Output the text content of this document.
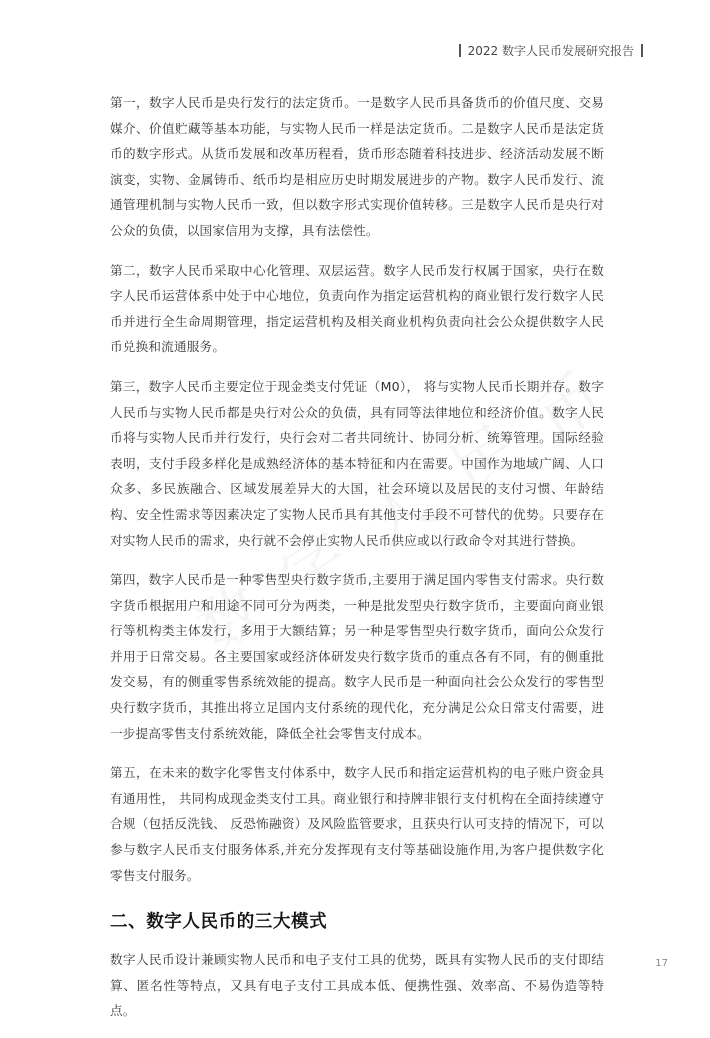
2022 数字人民币发展研究报告

第一，数字人民币是央行发行的法定货币。一是数字人民币具备货币的价值尺度、交易媒介、价值贮藏等基本功能，与实物人民币一样是法定货币。二是数字人民币是法定货币的数字形式。从货币发展和改革历程看，货币形态随着科技进步、经济活动发展不断演变，实物、金属铸币、纸币均是相应历史时期发展进步的产物。数字人民币发行、流通管理机制与实物人民币一致，但以数字形式实现价值转移。三是数字人民币是央行对公众的负债，以国家信用为支撑，具有法偿性。

第二，数字人民币采取中心化管理、双层运营。数字人民币发行权属于国家，央行在数字人民币运营体系中处于中心地位，负责向作为指定运营机构的商业银行发行数字人民币并进行全生命周期管理，指定运营机构及相关商业机构负责向社会公众提供数字人民币兑换和流通服务。

第三，数字人民币主要定位于现金类支付凭证（M0）， 将与实物人民币长期并存。数字人民币与实物人民币都是央行对公众的负债，具有同等法律地位和经济价值。数字人民币将与实物人民币并行发行，央行会对二者共同统计、协同分析、统筹管理。国际经验表明，支付手段多样化是成熟经济体的基本特征和内在需要。中国作为地域广阔、人口众多、多民族融合、区域发展差异大的大国，社会环境以及居民的支付习惯、年龄结构、安全性需求等因素决定了实物人民币具有其他支付手段不可替代的优势。只要存在对实物人民币的需求，央行就不会停止实物人民币供应或以行政命令对其进行替换。

第四，数字人民币是一种零售型央行数字货币,主要用于满足国内零售支付需求。央行数字货币根据用户和用途不同可分为两类，一种是批发型央行数字货币，主要面向商业银行等机构类主体发行，多用于大额结算；另一种是零售型央行数字货币，面向公众发行并用于日常交易。各主要国家或经济体研发央行数字货币的重点各有不同，有的侧重批发交易，有的侧重零售系统效能的提高。数字人民币是一种面向社会公众发行的零售型央行数字货币，其推出将立足国内支付系统的现代化，充分满足公众日常支付需要，进一步提高零售支付系统效能，降低全社会零售支付成本。

第五，在未来的数字化零售支付体系中，数字人民币和指定运营机构的电子账户资金具有通用性， 共同构成现金类支付工具。商业银行和持牌非银行支付机构在全面持续遵守合规（包括反洗钱、 反恐怖融资）及风险监管要求，且获央行认可支持的情况下，可以参与数字人民币支付服务体系,并充分发挥现有支付等基础设施作用,为客户提供数字化零售支付服务。

二、数字人民币的三大模式

数字人民币设计兼顾实物人民币和电子支付工具的优势，既具有实物人民币的支付即结算、匿名性等特点，又具有电子支付工具成本低、便携性强、效率高、不易伪造等特点。

17
